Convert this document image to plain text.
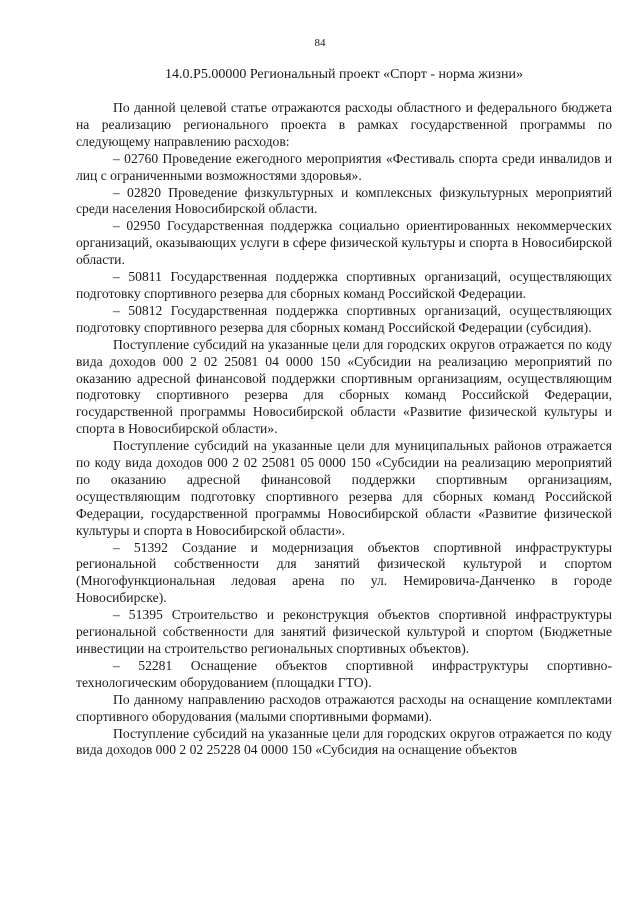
84
14.0.P5.00000 Региональный проект «Спорт - норма жизни»

По данной целевой статье отражаются расходы областного и федерального бюджета на реализацию регионального проекта в рамках государственной программы по следующему направлению расходов:

– 02760 Проведение ежегодного мероприятия «Фестиваль спорта среди инвалидов и лиц с ограниченными возможностями здоровья».

– 02820 Проведение физкультурных и комплексных физкультурных мероприятий среди населения Новосибирской области.

– 02950 Государственная поддержка социально ориентированных некоммерческих организаций, оказывающих услуги в сфере физической культуры и спорта в Новосибирской области.

– 50811 Государственная поддержка спортивных организаций, осуществляющих подготовку спортивного резерва для сборных команд Российской Федерации.

– 50812 Государственная поддержка спортивных организаций, осуществляющих подготовку спортивного резерва для сборных команд Российской Федерации (субсидия).

Поступление субсидий на указанные цели для городских округов отражается по коду вида доходов 000 2 02 25081 04 0000 150 «Субсидии на реализацию мероприятий по оказанию адресной финансовой поддержки спортивным организациям, осуществляющим подготовку спортивного резерва для сборных команд Российской Федерации, государственной программы Новосибирской области «Развитие физической культуры и спорта в Новосибирской области».

Поступление субсидий на указанные цели для муниципальных районов отражается по коду вида доходов 000 2 02 25081 05 0000 150 «Субсидии на реализацию мероприятий по оказанию адресной финансовой поддержки спортивным организациям, осуществляющим подготовку спортивного резерва для сборных команд Российской Федерации, государственной программы Новосибирской области «Развитие физической культуры и спорта в Новосибирской области».

– 51392 Создание и модернизация объектов спортивной инфраструктуры региональной собственности для занятий физической культурой и спортом (Многофункциональная ледовая арена по ул. Немировича-Данченко в городе Новосибирске).

– 51395 Строительство и реконструкция объектов спортивной инфраструктуры региональной собственности для занятий физической культурой и спортом (Бюджетные инвестиции на строительство региональных спортивных объектов).

– 52281 Оснащение объектов спортивной инфраструктуры спортивно-технологическим оборудованием (площадки ГТО).

По данному направлению расходов отражаются расходы на оснащение комплектами спортивного оборудования (малыми спортивными формами).

Поступление субсидий на указанные цели для городских округов отражается по коду вида доходов 000 2 02 25228 04 0000 150 «Субсидия на оснащение объектов
